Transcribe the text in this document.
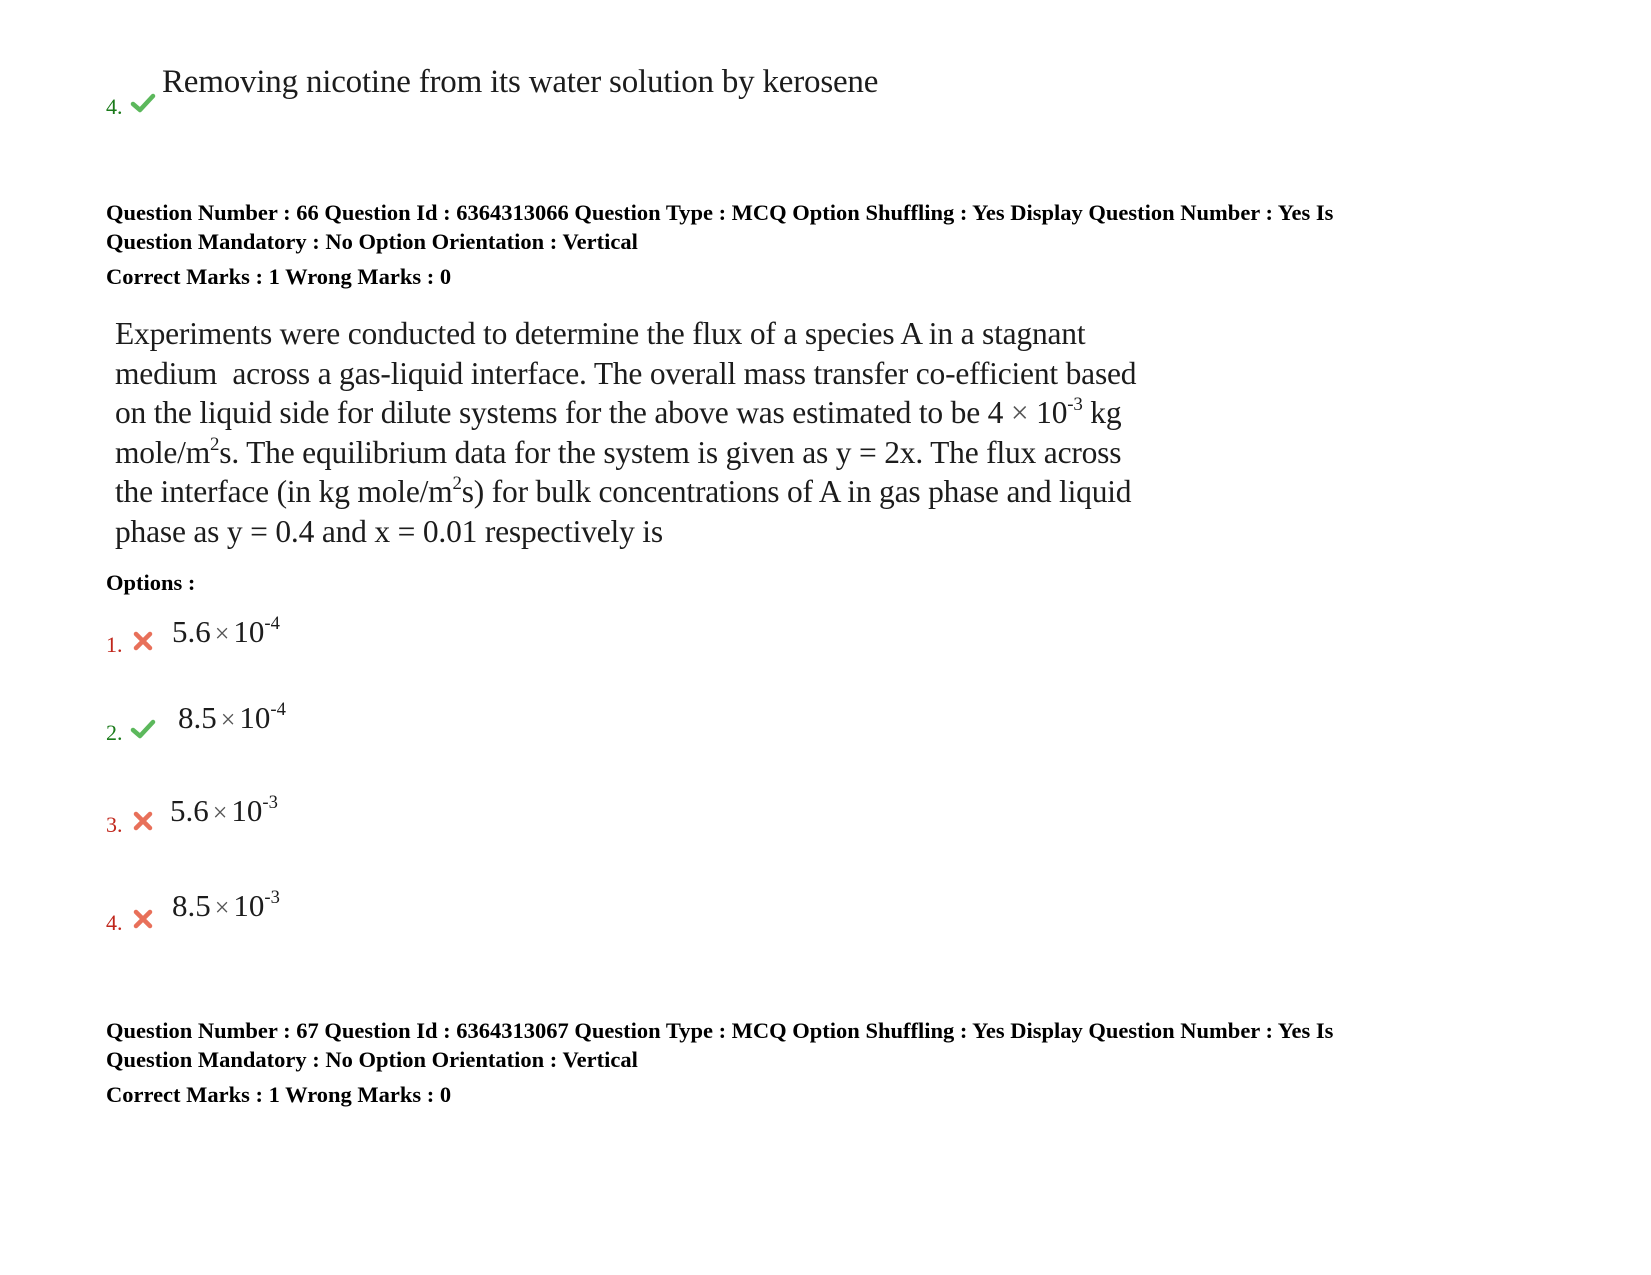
4.
Removing nicotine from its water solution by kerosene
Question Number : 66 Question Id : 6364313066 Question Type : MCQ Option Shuffling : Yes Display Question Number : Yes Is
Question Mandatory : No Option Orientation : Vertical
Correct Marks : 1 Wrong Marks : 0
Experiments were conducted to determine the flux of a species A in a stagnant
medium  across a gas-liquid interface. The overall mass transfer co-efficient based
on the liquid side for dilute systems for the above was estimated to be $4 \times 10^{-3}$ kg
mole/$m^2s$. The equilibrium data for the system is given as y = 2x. The flux across
the interface (in kg mole/$m^2s$) for bulk concentrations of A in gas phase and liquid
phase as y = 0.4 and x = 0.01 respectively is
Options :
1. $5.6 \times 10^{-4}$
2. $8.5 \times 10^{-4}$
3. $5.6 \times 10^{-3}$
4. $8.5 \times 10^{-3}$
Question Number : 67 Question Id : 6364313067 Question Type : MCQ Option Shuffling : Yes Display Question Number : Yes Is
Question Mandatory : No Option Orientation : Vertical
Correct Marks : 1 Wrong Marks : 0
